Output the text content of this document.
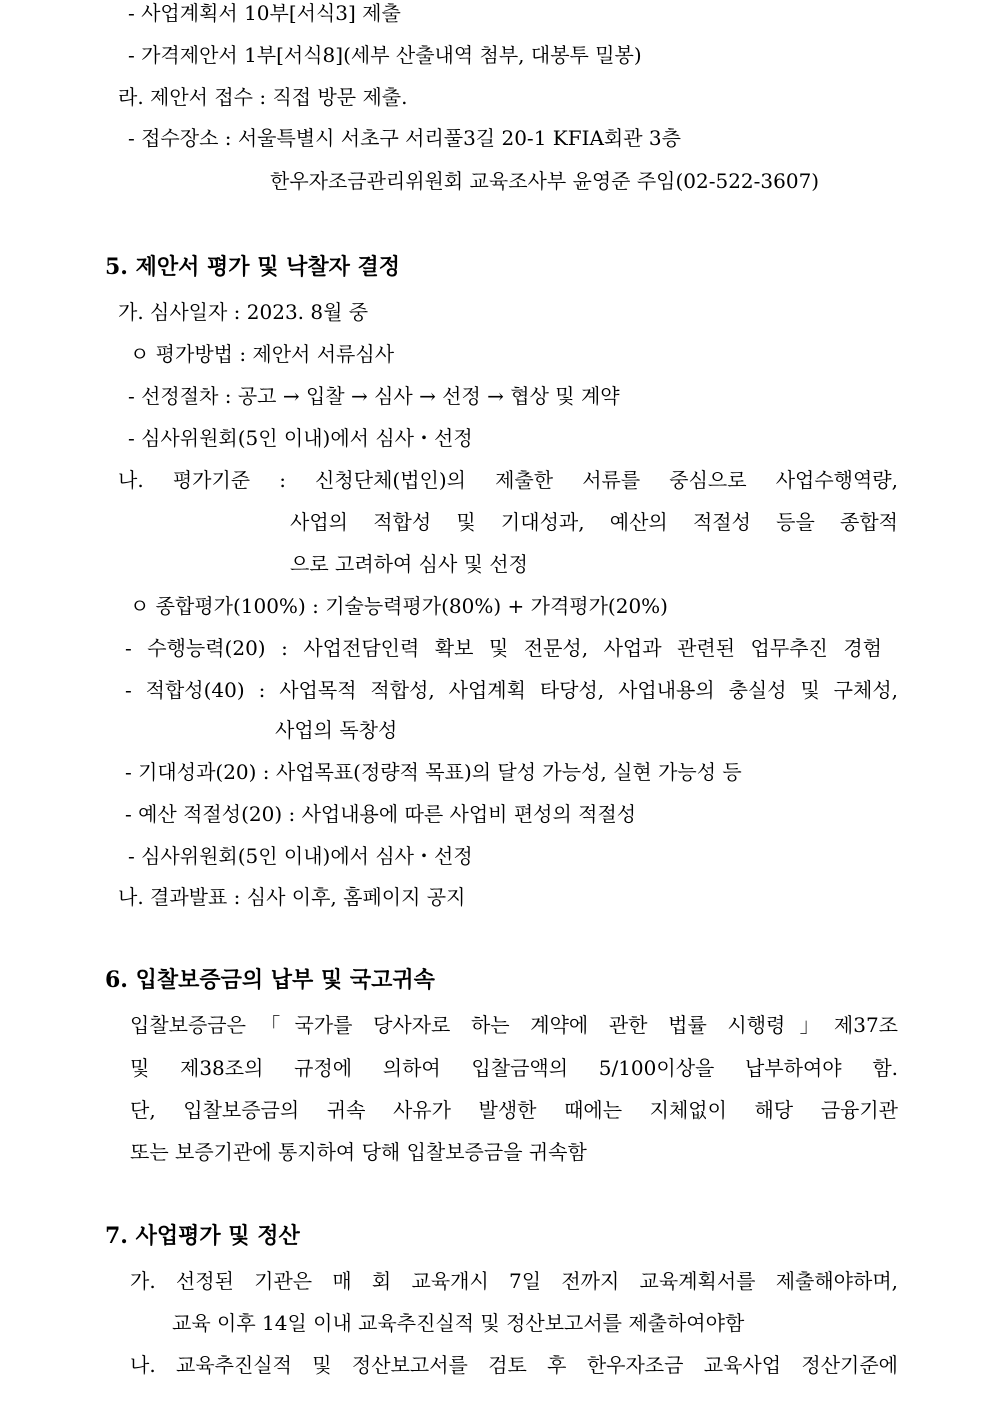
- 사업계획서 10부[서식3] 제출
- 가격제안서 1부[서식8](세부 산출내역 첨부, 대봉투 밀봉)
라. 제안서 접수 : 직접 방문 제출.
- 접수장소 : 서울특별시 서초구 서리풀3길 20-1 KFIA회관 3층
한우자조금관리위원회 교육조사부 윤영준 주임(02-522-3607)
5. 제안서 평가 및 낙찰자 결정
가. 심사일자 : 2023. 8월 중
ㅇ 평가방법 : 제안서 서류심사
- 선정절차 : 공고 → 입찰 → 심사 → 선정 → 협상 및 계약
- 심사위원회(5인 이내)에서 심사・선정
나. 평가기준 : 신청단체(법인)의 제출한 서류를 중심으로 사업수행역량,
사업의 적합성 및 기대성과, 예산의 적절성 등을 종합적
으로 고려하여 심사 및 선정
ㅇ 종합평가(100%) : 기술능력평가(80%) + 가격평가(20%)
- 수행능력(20) : 사업전담인력 확보 및 전문성, 사업과 관련된 업무추진 경험
- 적합성(40) : 사업목적 적합성, 사업계획 타당성, 사업내용의 충실성 및 구체성,
사업의 독창성
- 기대성과(20) : 사업목표(정량적 목표)의 달성 가능성, 실현 가능성 등
- 예산 적절성(20) : 사업내용에 따른 사업비 편성의 적절성
- 심사위원회(5인 이내)에서 심사・선정
나. 결과발표 : 심사 이후, 홈페이지 공지
6. 입찰보증금의 납부 및 국고귀속
입찰보증금은「국가를 당사자로 하는 계약에 관한 법률 시행령」제37조
및 제38조의 규정에 의하여 입찰금액의 5/100이상을 납부하여야 함.
단, 입찰보증금의 귀속 사유가 발생한 때에는 지체없이 해당 금융기관
또는 보증기관에 통지하여 당해 입찰보증금을 귀속함
7. 사업평가 및 정산
가. 선정된 기관은 매 회 교육개시 7일 전까지 교육계획서를 제출해야하며,
교육 이후 14일 이내 교육추진실적 및 정산보고서를 제출하여야함
나. 교육추진실적 및 정산보고서를 검토 후 한우자조금 교육사업 정산기준에
